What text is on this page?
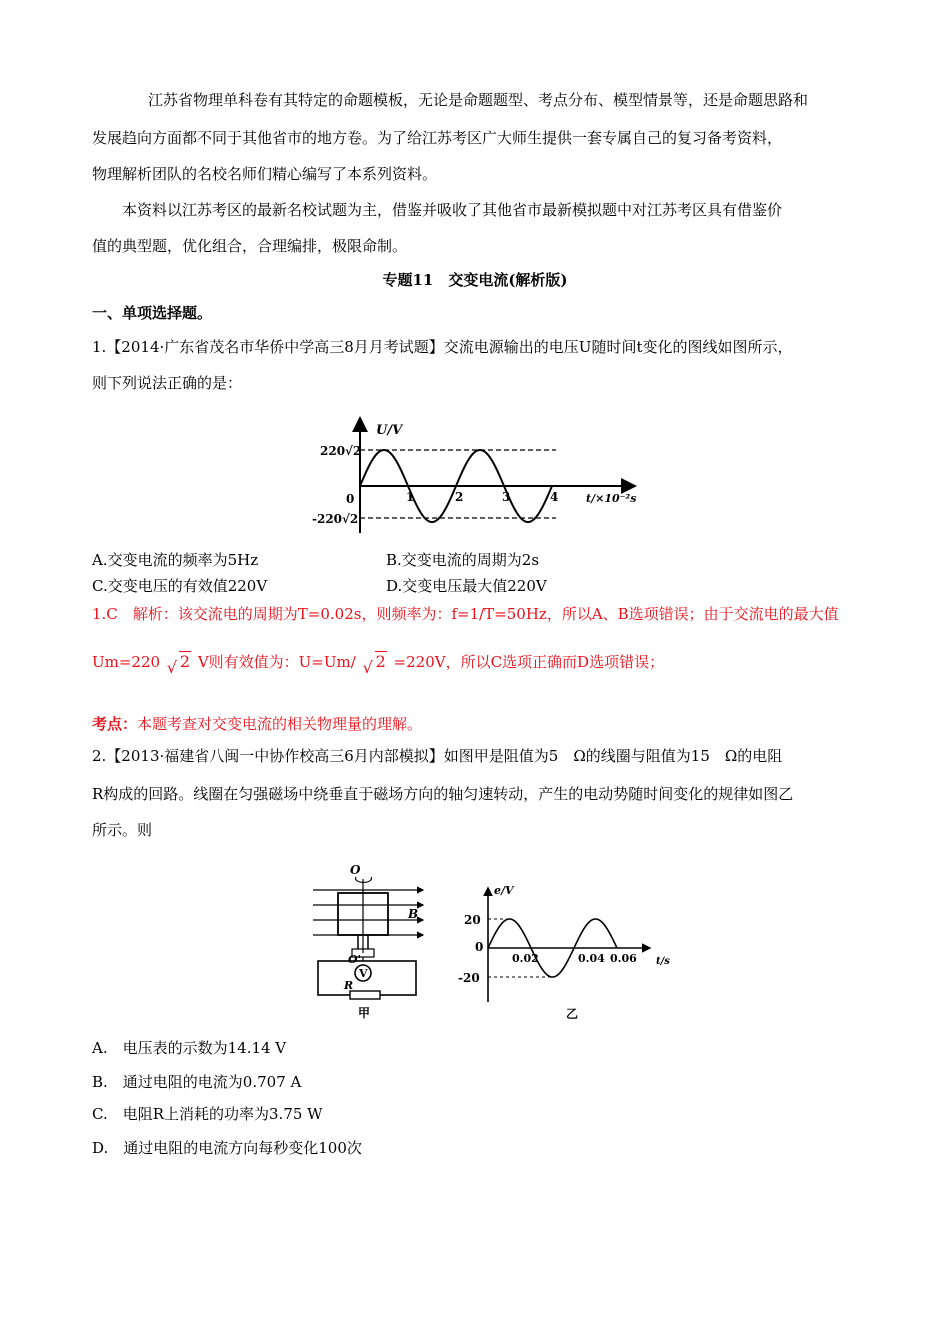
江苏省物理单科卷有其特定的命题模板，无论是命题题型、考点分布、模型情景等，还是命题思路和
发展趋向方面都不同于其他省市的地方卷。为了给江苏考区广大师生提供一套专属自己的复习备考资料，
物理解析团队的名校名师们精心编写了本系列资料。
本资料以江苏考区的最新名校试题为主，借鉴并吸收了其他省市最新模拟题中对江苏考区具有借鉴价
值的典型题，优化组合，合理编排，极限命制。
专题11　交变电流(解析版)
一、单项选择题。
1.【2014·广东省茂名市华侨中学高三8月月考试题】交流电源输出的电压U随时间t变化的图线如图所示，
则下列说法正确的是：
U/V
220√2
-220√2
0	1	2	3	4	t/×10⁻²s
A.交变电流的频率为5Hz	B.交变电流的周期为2s
C.交变电压的有效值220V	D.交变电压最大值220V
1.C　解析：该交流电的周期为T=0.02s，则频率为：f=1/T=50Hz，所以A、B选项错误；由于交流电的最大值
Um=220 √ 2 V则有效值为：U=Um/ √ 2 =220V，所以C选项正确而D选项错误；
考点：本题考查对交变电流的相关物理量的理解。
2.【2013·福建省八闽一中协作校高三6月内部模拟】如图甲是阻值为5　Ω的线圈与阻值为15　Ω的电阻
R构成的回路。线圈在匀强磁场中绕垂直于磁场方向的轴匀速转动，产生的电动势随时间变化的规律如图乙
所示。则
V
O
O'
B
R
甲
e/V
20
-20
0
0.02	0.04 0.06 t/s
乙
A.　电压表的示数为14.14 V
B.　通过电阻的电流为0.707 A
C.　电阻R上消耗的功率为3.75 W
D.　通过电阻的电流方向每秒变化100次
